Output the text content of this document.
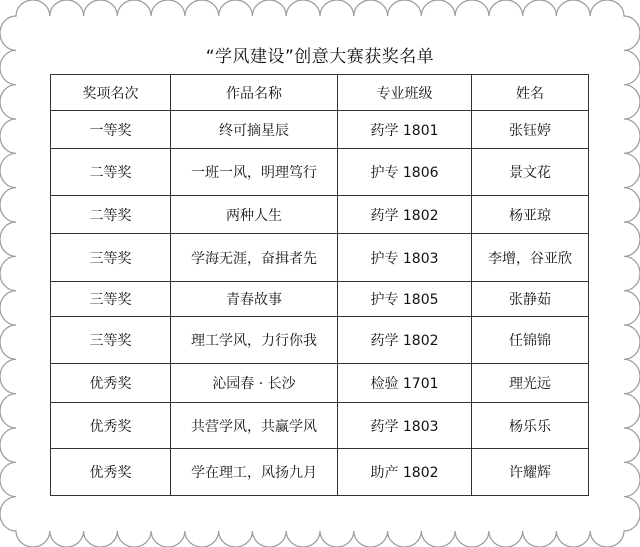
“学风建设”创意大赛获奖名单
奖项名次	作品名称	专业班级	姓名
一等奖	终可摘星辰	药学 1801	张钰婷
二等奖	一班一风，明理笃行	护专 1806	景文花
二等奖	两种人生	药学 1802	杨亚琼
三等奖	学海无涯，奋揖者先	护专 1803	李增，谷亚欣
三等奖	青春故事	护专 1805	张静茹
三等奖	理工学风，力行你我	药学 1802	任锦锦
优秀奖	沁园春 · 长沙	检验 1701	理光远
优秀奖	共营学风，共赢学风	药学 1803	杨乐乐
优秀奖	学在理工，风扬九月	助产 1802	许耀辉
